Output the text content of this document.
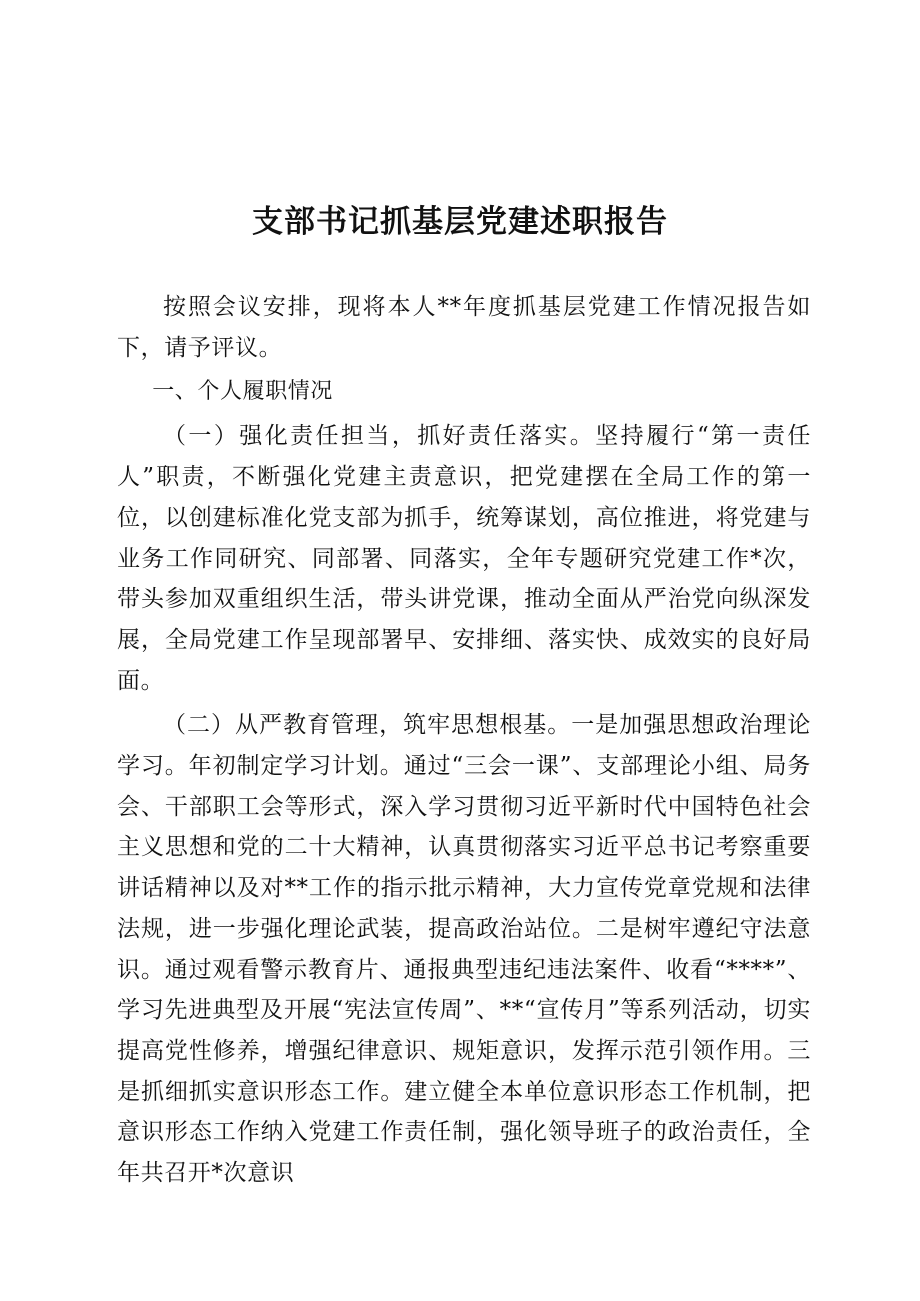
支部书记抓基层党建述职报告

按照会议安排，现将本人**年度抓基层党建工作情况报告如下，请予评议。

一、个人履职情况

（一）强化责任担当，抓好责任落实。坚持履行“第一责任人”职责，不断强化党建主责意识，把党建摆在全局工作的第一位，以创建标准化党支部为抓手，统筹谋划，高位推进，将党建与业务工作同研究、同部署、同落实，全年专题研究党建工作*次，带头参加双重组织生活，带头讲党课，推动全面从严治党向纵深发展，全局党建工作呈现部署早、安排细、落实快、成效实的良好局面。

（二）从严教育管理，筑牢思想根基。一是加强思想政治理论学习。年初制定学习计划。通过“三会一课”、支部理论小组、局务会、干部职工会等形式，深入学习贯彻习近平新时代中国特色社会主义思想和党的二十大精神，认真贯彻落实习近平总书记考察重要讲话精神以及对**工作的指示批示精神，大力宣传党章党规和法律法规，进一步强化理论武装，提高政治站位。二是树牢遵纪守法意识。通过观看警示教育片、通报典型违纪违法案件、收看“****”、学习先进典型及开展“宪法宣传周”、**“宣传月”等系列活动，切实提高党性修养，增强纪律意识、规矩意识，发挥示范引领作用。三是抓细抓实意识形态工作。建立健全本单位意识形态工作机制，把意识形态工作纳入党建工作责任制，强化领导班子的政治责任，全年共召开*次意识
